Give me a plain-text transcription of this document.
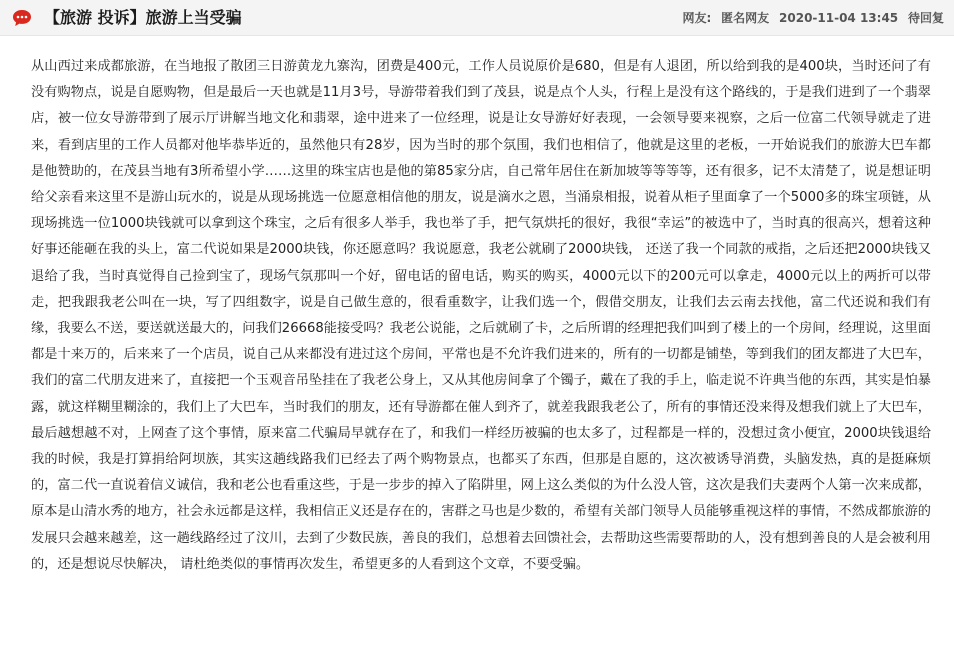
【旅游 投诉】旅游上当受骗	网友: 匿名网友 2020-11-04 13:45 待回复
从山西过来成都旅游，在当地报了散团三日游黄龙九寨沟，团费是400元，工作人员说原价是680，但是有人退团，所以给到我的是400块，当时还问了有没有购物点，说是自愿购物，但是最后一天也就是11月3号，导游带着我们到了茂县，说是点个人头，行程上是没有这个路线的，于是我们进到了一个翡翠店，被一位女导游带到了展示厅讲解当地文化和翡翠，途中进来了一位经理，说是让女导游好好表现，一会领导要来视察，之后一位富二代领导就走了进来，看到店里的工作人员都对他毕恭毕近的，虽然他只有28岁，因为当时的那个氛围，我们也相信了，他就是这里的老板，一开始说我们的旅游大巴车都是他赞助的，在茂县当地有3所希望小学……这里的珠宝店也是他的第85家分店，自己常年居住在新加坡等等等等，还有很多，记不太清楚了，说是想证明给父亲看来这里不是游山玩水的，说是从现场挑选一位愿意相信他的朋友，说是滴水之恩，当涌泉相报，说着从柜子里面拿了一个5000多的珠宝项链，从现场挑选一位1000块钱就可以拿到这个珠宝，之后有很多人举手，我也举了手，把气氛烘托的很好，我很“幸运”的被选中了，当时真的很高兴，想着这种好事还能砸在我的头上，富二代说如果是2000块钱，你还愿意吗？我说愿意，我老公就刷了2000块钱， 还送了我一个同款的戒指，之后还把2000块钱又退给了我，当时真觉得自己捡到宝了，现场气氛那叫一个好，留电话的留电话，购买的购买，4000元以下的200元可以拿走，4000元以上的两折可以带走，把我跟我老公叫在一块，写了四组数字，说是自己做生意的，很看重数字，让我们选一个，假借交朋友，让我们去云南去找他，富二代还说和我们有缘，我要么不送，要送就送最大的，问我们26668能接受吗？我老公说能，之后就刷了卡，之后所谓的经理把我们叫到了楼上的一个房间，经理说，这里面都是十来万的，后来来了一个店员，说自己从来都没有进过这个房间，平常也是不允许我们进来的，所有的一切都是铺垫，等到我们的团友都进了大巴车，我们的富二代朋友进来了，直接把一个玉观音吊坠挂在了我老公身上，又从其他房间拿了个镯子，戴在了我的手上，临走说不许典当他的东西，其实是怕暴露，就这样糊里糊涂的，我们上了大巴车，当时我们的朋友，还有导游都在催人到齐了，就差我跟我老公了，所有的事情还没来得及想我们就上了大巴车，最后越想越不对，上网查了这个事情，原来富二代骗局早就存在了，和我们一样经历被骗的也太多了，过程都是一样的，没想过贪小便宜，2000块钱退给我的时候，我是打算捐给阿坝族，其实这趟线路我们已经去了两个购物景点，也都买了东西，但那是自愿的，这次被诱导消费，头脑发热，真的是挺麻烦的，富二代一直说着信义诚信，我和老公也看重这些，于是一步步的掉入了陷阱里，网上这么类似的为什么没人管，这次是我们夫妻两个人第一次来成都，原本是山清水秀的地方，社会永远都是这样，我相信正义还是存在的，害群之马也是少数的，希望有关部门领导人员能够重视这样的事情，不然成都旅游的发展只会越来越差，这一趟线路经过了汶川，去到了少数民族，善良的我们，总想着去回馈社会，去帮助这些需要帮助的人，没有想到善良的人是会被利用的，还是想说尽快解决， 请杜绝类似的事情再次发生，希望更多的人看到这个文章，不要受骗。
